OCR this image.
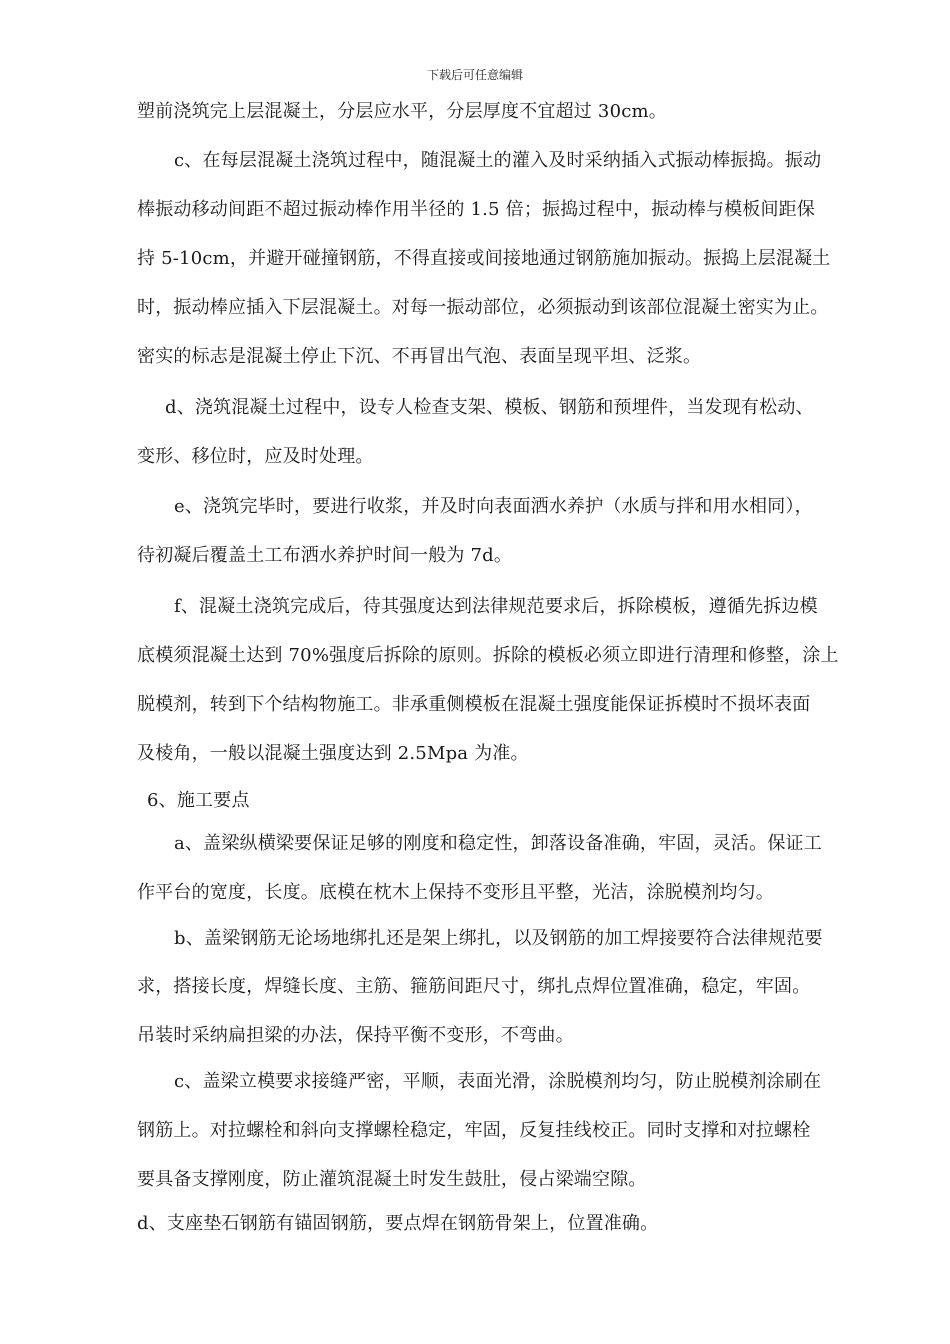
下载后可任意编辑
塑前浇筑完上层混凝土，分层应水平，分层厚度不宜超过 30cm。
c、在每层混凝土浇筑过程中，随混凝土的灌入及时采纳插入式振动棒振捣。振动
棒振动移动间距不超过振动棒作用半径的 1.5 倍；振捣过程中，振动棒与模板间距保
持 5-10cm，并避开碰撞钢筋，不得直接或间接地通过钢筋施加振动。振捣上层混凝土
时，振动棒应插入下层混凝土。对每一振动部位，必须振动到该部位混凝土密实为止。
密实的标志是混凝土停止下沉、不再冒出气泡、表面呈现平坦、泛浆。
d、浇筑混凝土过程中，设专人检查支架、模板、钢筋和预埋件，当发现有松动、
变形、移位时，应及时处理。
e、浇筑完毕时，要进行收浆，并及时向表面洒水养护（水质与拌和用水相同），
待初凝后覆盖土工布洒水养护时间一般为 7d。
f、混凝土浇筑完成后，待其强度达到法律规范要求后，拆除模板，遵循先拆边模
底模须混凝土达到 70%强度后拆除的原则。拆除的模板必须立即进行清理和修整，涂上
脱模剂，转到下个结构物施工。非承重侧模板在混凝土强度能保证拆模时不损坏表面
及棱角，一般以混凝土强度达到 2.5Mpa 为准。
6、施工要点
a、盖梁纵横梁要保证足够的刚度和稳定性，卸落设备准确，牢固，灵活。保证工
作平台的宽度，长度。底模在枕木上保持不变形且平整，光洁，涂脱模剂均匀。
b、盖梁钢筋无论场地绑扎还是架上绑扎，以及钢筋的加工焊接要符合法律规范要
求，搭接长度，焊缝长度、主筋、箍筋间距尺寸，绑扎点焊位置准确，稳定，牢固。
吊装时采纳扁担梁的办法，保持平衡不变形，不弯曲。
c、盖梁立模要求接缝严密，平顺，表面光滑，涂脱模剂均匀，防止脱模剂涂刷在
钢筋上。对拉螺栓和斜向支撑螺栓稳定，牢固，反复挂线校正。同时支撑和对拉螺栓
要具备支撑刚度，防止灌筑混凝土时发生鼓肚，侵占梁端空隙。
d、支座垫石钢筋有锚固钢筋，要点焊在钢筋骨架上，位置准确。
